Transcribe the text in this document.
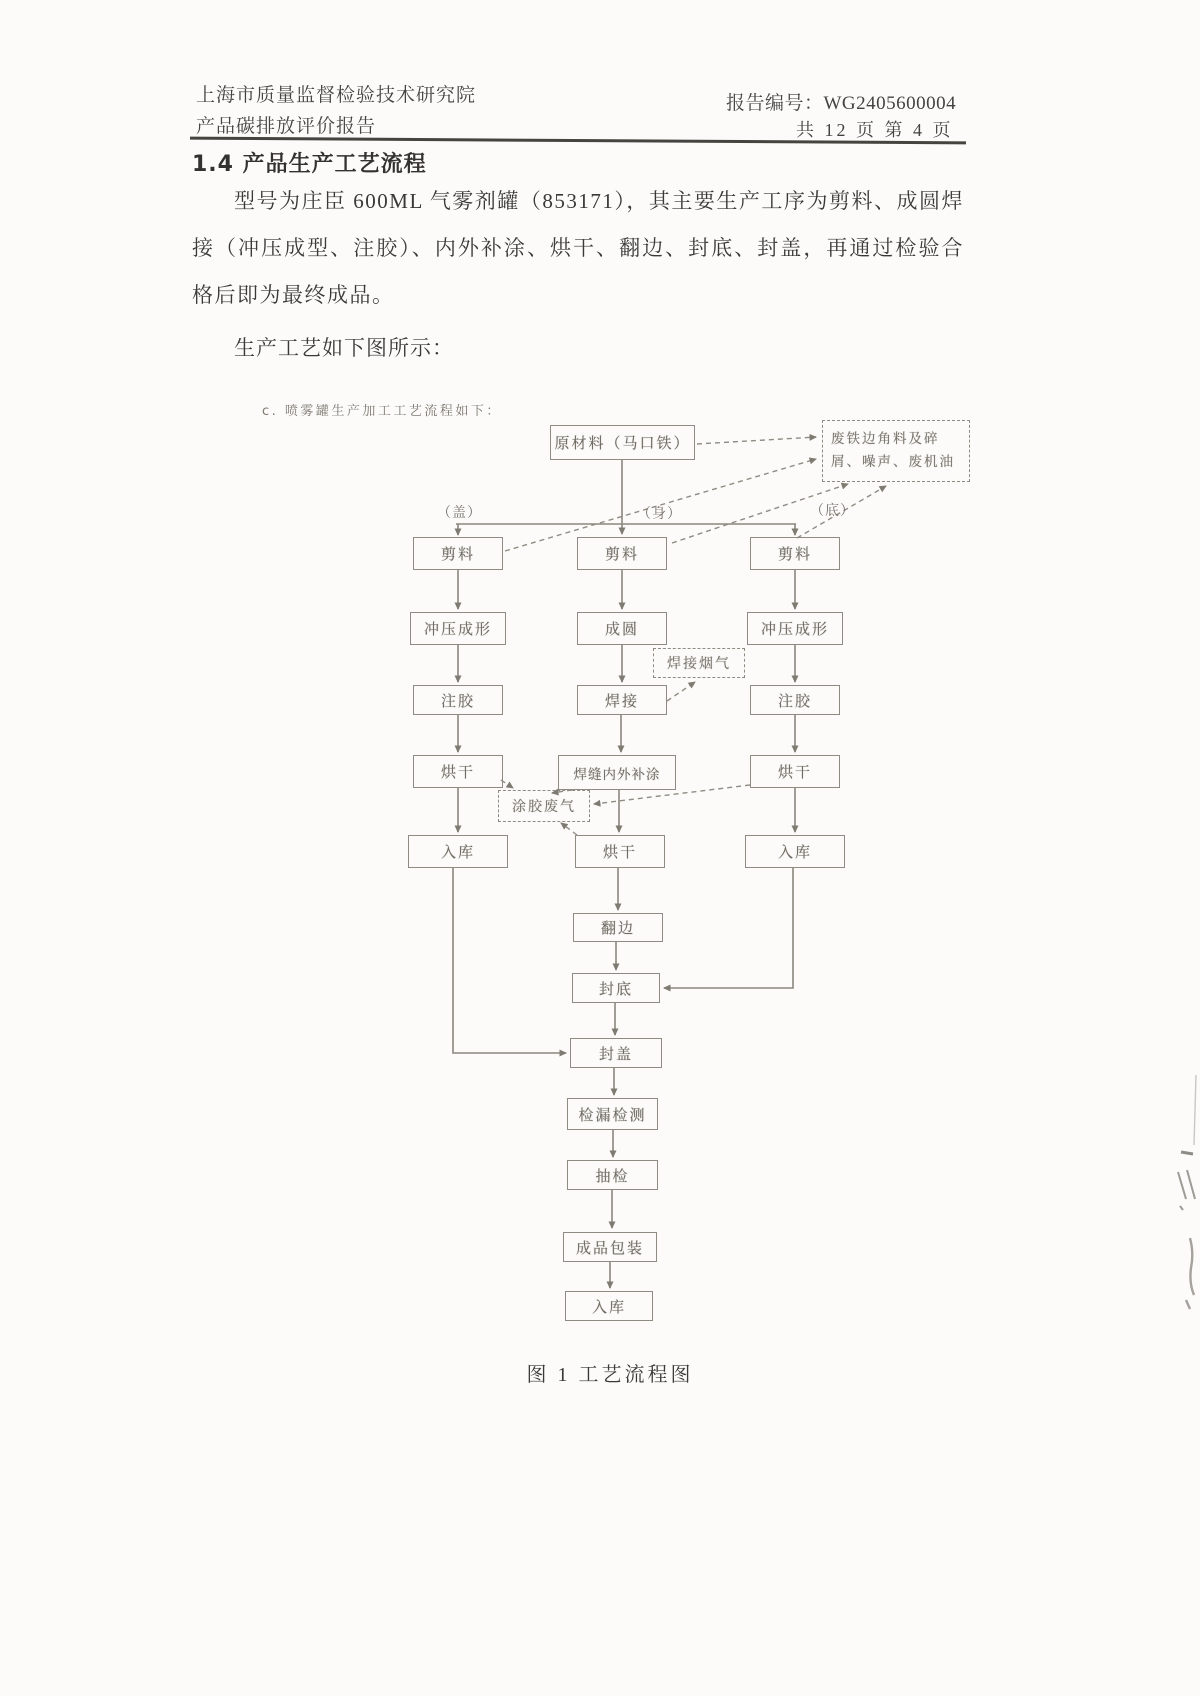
上海市质量监督检验技术研究院
产品碳排放评价报告
报告编号：WG2405600004
共 12 页 第 4 页
1.4 产品生产工艺流程
型号为庄臣 600ML 气雾剂罐（853171），其主要生产工序为剪料、成圆焊接（冲压成型、注胶）、内外补涂、烘干、翻边、封底、封盖，再通过检验合格后即为最终成品。
生产工艺如下图所示：
c. 喷雾罐生产加工工艺流程如下：
原材料（马口铁）	废铁边角料及碎
屑、噪声、废机油
（盖）	（身）	（底）
剪料
冲压成形
注胶
烘干
入库
剪料
成圆
焊接
焊缝内外补涂
烘干
翻边
封底
封盖
检漏检测
抽检
成品包装
入库
剪料
冲压成形
注胶
烘干
入库
焊接烟气
涂胶废气
图 1 工艺流程图
